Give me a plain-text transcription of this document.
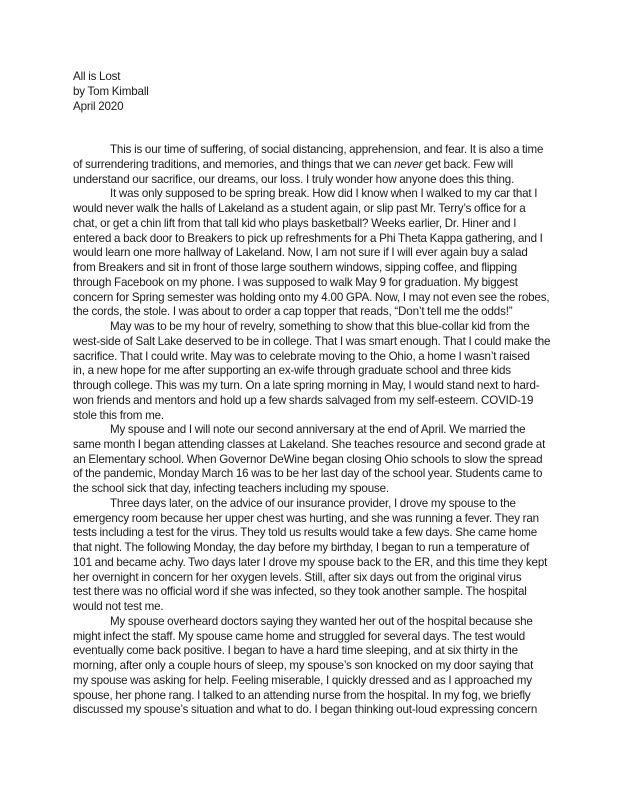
All is Lost
by Tom Kimball
April 2020
This is our time of suffering, of social distancing, apprehension, and fear. It is also a time
of surrendering traditions, and memories, and things that we can never get back. Few will
understand our sacrifice, our dreams, our loss. I truly wonder how anyone does this thing.
It was only supposed to be spring break. How did I know when I walked to my car that I
would never walk the halls of Lakeland as a student again, or slip past Mr. Terry’s office for a
chat, or get a chin lift from that tall kid who plays basketball? Weeks earlier, Dr. Hiner and I
entered a back door to Breakers to pick up refreshments for a Phi Theta Kappa gathering, and I
would learn one more hallway of Lakeland. Now, I am not sure if I will ever again buy a salad
from Breakers and sit in front of those large southern windows, sipping coffee, and flipping
through Facebook on my phone. I was supposed to walk May 9 for graduation. My biggest
concern for Spring semester was holding onto my 4.00 GPA. Now, I may not even see the robes,
the cords, the stole. I was about to order a cap topper that reads, “Don’t tell me the odds!”
May was to be my hour of revelry, something to show that this blue-collar kid from the
west-side of Salt Lake deserved to be in college. That I was smart enough. That I could make the
sacrifice. That I could write. May was to celebrate moving to the Ohio, a home I wasn’t raised
in, a new hope for me after supporting an ex-wife through graduate school and three kids
through college. This was my turn. On a late spring morning in May, I would stand next to hard-
won friends and mentors and hold up a few shards salvaged from my self-esteem. COVID-19
stole this from me.
My spouse and I will note our second anniversary at the end of April. We married the
same month I began attending classes at Lakeland. She teaches resource and second grade at
an Elementary school. When Governor DeWine began closing Ohio schools to slow the spread
of the pandemic, Monday March 16 was to be her last day of the school year. Students came to
the school sick that day, infecting teachers including my spouse.
Three days later, on the advice of our insurance provider, I drove my spouse to the
emergency room because her upper chest was hurting, and she was running a fever. They ran
tests including a test for the virus. They told us results would take a few days. She came home
that night. The following Monday, the day before my birthday, I began to run a temperature of
101 and became achy. Two days later I drove my spouse back to the ER, and this time they kept
her overnight in concern for her oxygen levels. Still, after six days out from the original virus
test there was no official word if she was infected, so they took another sample. The hospital
would not test me.
My spouse overheard doctors saying they wanted her out of the hospital because she
might infect the staff. My spouse came home and struggled for several days. The test would
eventually come back positive. I began to have a hard time sleeping, and at six thirty in the
morning, after only a couple hours of sleep, my spouse’s son knocked on my door saying that
my spouse was asking for help. Feeling miserable, I quickly dressed and as I approached my
spouse, her phone rang. I talked to an attending nurse from the hospital. In my fog, we briefly
discussed my spouse’s situation and what to do. I began thinking out-loud expressing concern
